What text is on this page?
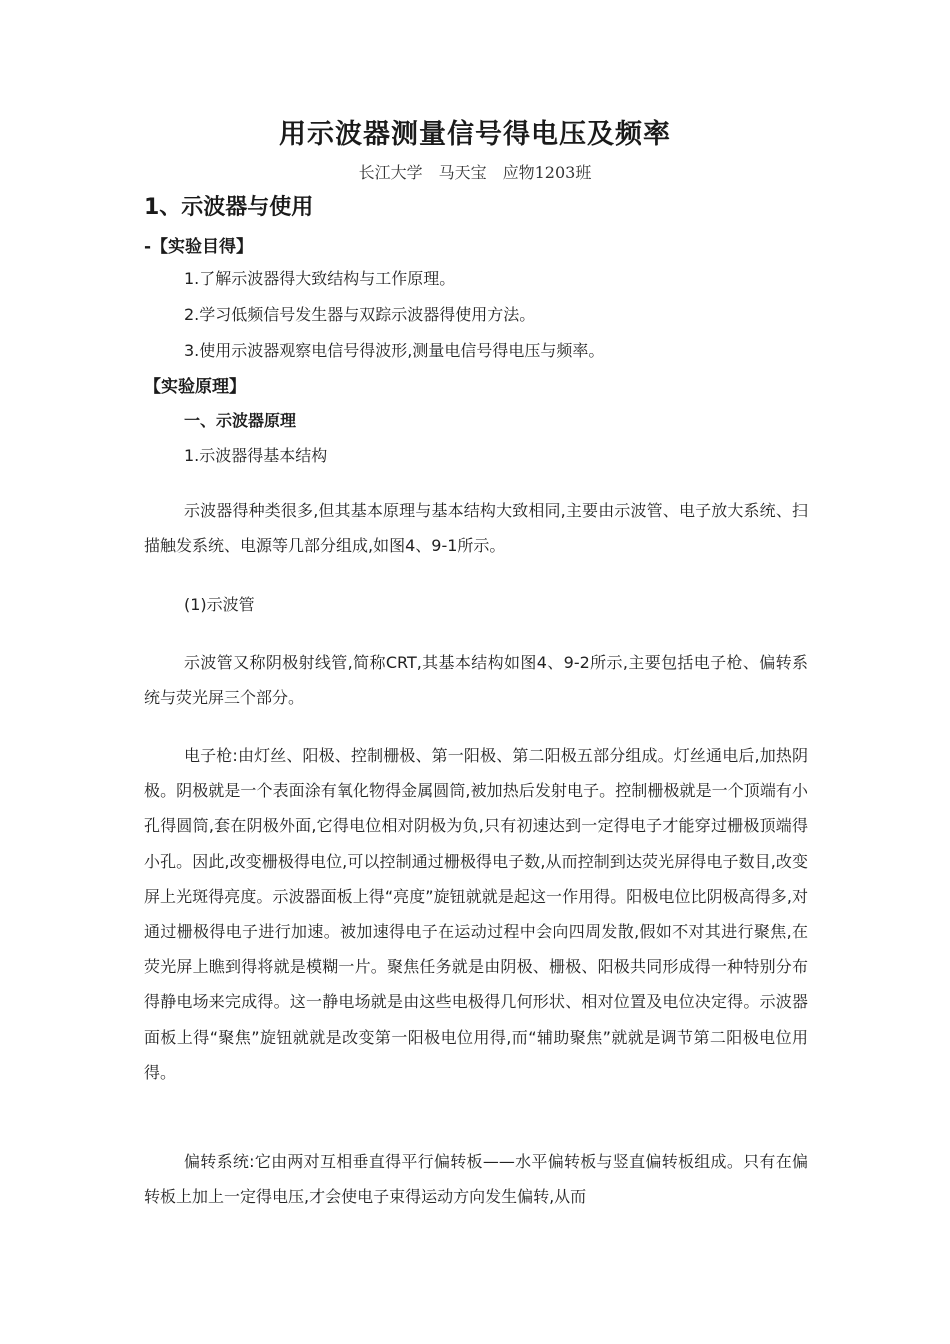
用示波器测量信号得电压及频率
长江大学　马天宝　应物1203班
1、示波器与使用
-【实验目得】
1.了解示波器得大致结构与工作原理。
2.学习低频信号发生器与双踪示波器得使用方法。
3.使用示波器观察电信号得波形,测量电信号得电压与频率。
【实验原理】
一、示波器原理
1.示波器得基本结构

示波器得种类很多,但其基本原理与基本结构大致相同,主要由示波管、电子放大系统、扫描触发系统、电源等几部分组成,如图4、9-1所示。

(1)示波管

示波管又称阴极射线管,简称CRT,其基本结构如图4、9-2所示,主要包括电子枪、偏转系统与荧光屏三个部分。

电子枪:由灯丝、阳极、控制栅极、第一阳极、第二阳极五部分组成。灯丝通电后,加热阴极。阴极就是一个表面涂有氧化物得金属圆筒,被加热后发射电子。控制栅极就是一个顶端有小孔得圆筒,套在阴极外面,它得电位相对阴极为负,只有初速达到一定得电子才能穿过栅极顶端得小孔。因此,改变栅极得电位,可以控制通过栅极得电子数,从而控制到达荧光屏得电子数目,改变屏上光斑得亮度。示波器面板上得“亮度”旋钮就就是起这一作用得。阳极电位比阴极高得多,对通过栅极得电子进行加速。被加速得电子在运动过程中会向四周发散,假如不对其进行聚焦,在荧光屏上瞧到得将就是模糊一片。聚焦任务就是由阴极、栅极、阳极共同形成得一种特别分布得静电场来完成得。这一静电场就是由这些电极得几何形状、相对位置及电位决定得。示波器面板上得“聚焦”旋钮就就是改变第一阳极电位用得,而“辅助聚焦”就就是调节第二阳极电位用得。

偏转系统:它由两对互相垂直得平行偏转板——水平偏转板与竖直偏转板组成。只有在偏转板上加上一定得电压,才会使电子束得运动方向发生偏转,从而
